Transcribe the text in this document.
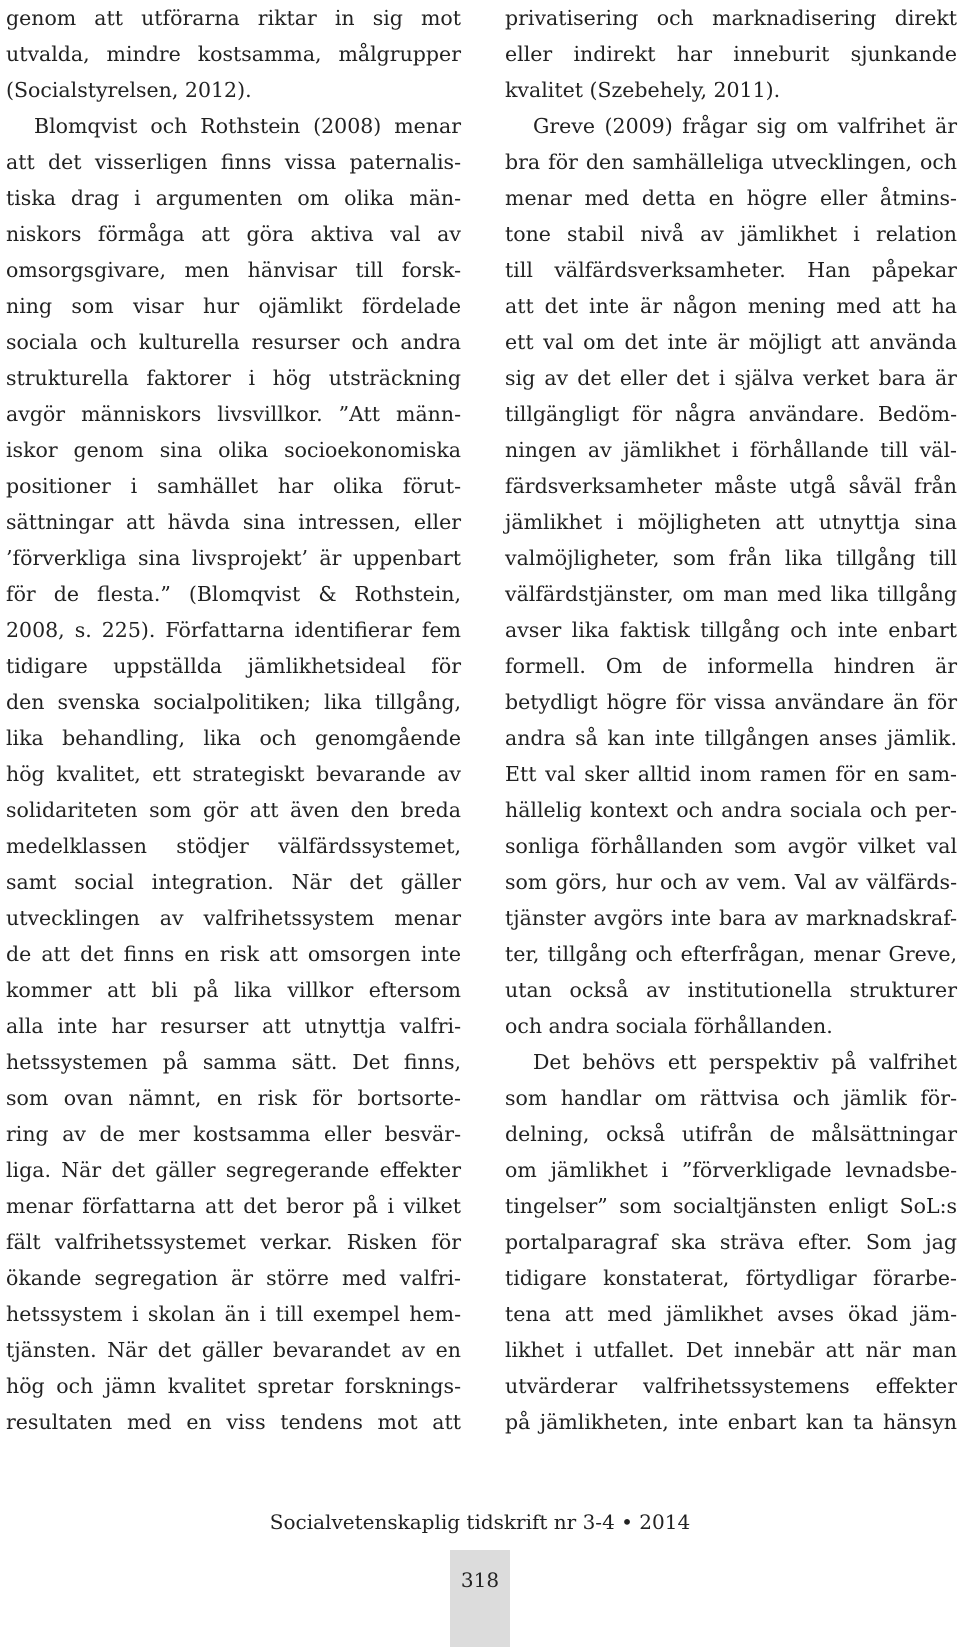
genom att utförarna riktar in sig mot
utvalda, mindre kostsamma, målgrupper
(Socialstyrelsen, 2012).
Blomqvist och Rothstein (2008) menar
att det visserligen finns vissa paternalis-
tiska drag i argumenten om olika män-
niskors förmåga att göra aktiva val av
omsorgsgivare, men hänvisar till forsk-
ning som visar hur ojämlikt fördelade
sociala och kulturella resurser och andra
strukturella faktorer i hög utsträckning
avgör människors livsvillkor. ”Att männ-
iskor genom sina olika socioekonomiska
positioner i samhället har olika förut-
sättningar att hävda sina intressen, eller
’förverkliga sina livsprojekt’ är uppenbart
för de flesta.” (Blomqvist & Rothstein,
2008, s. 225). Författarna identifierar fem
tidigare uppställda jämlikhetsideal för
den svenska socialpolitiken; lika tillgång,
lika behandling, lika och genomgående
hög kvalitet, ett strategiskt bevarande av
solidariteten som gör att även den breda
medelklassen stödjer välfärdssystemet,
samt social integration. När det gäller
utvecklingen av valfrihetssystem menar
de att det finns en risk att omsorgen inte
kommer att bli på lika villkor eftersom
alla inte har resurser att utnyttja valfri-
hetssystemen på samma sätt. Det finns,
som ovan nämnt, en risk för bortsorte-
ring av de mer kostsamma eller besvär-
liga. När det gäller segregerande effekter
menar författarna att det beror på i vilket
fält valfrihetssystemet verkar. Risken för
ökande segregation är större med valfri-
hetssystem i skolan än i till exempel hem-
tjänsten. När det gäller bevarandet av en
hög och jämn kvalitet spretar forsknings-
resultaten med en viss tendens mot att
privatisering och marknadisering direkt
eller indirekt har inneburit sjunkande
kvalitet (Szebehely, 2011).
Greve (2009) frågar sig om valfrihet är
bra för den samhälleliga utvecklingen, och
menar med detta en högre eller åtmins-
tone stabil nivå av jämlikhet i relation
till välfärdsverksamheter. Han påpekar
att det inte är någon mening med att ha
ett val om det inte är möjligt att använda
sig av det eller det i själva verket bara är
tillgängligt för några användare. Bedöm-
ningen av jämlikhet i förhållande till väl-
färdsverksamheter måste utgå såväl från
jämlikhet i möjligheten att utnyttja sina
valmöjligheter, som från lika tillgång till
välfärdstjänster, om man med lika tillgång
avser lika faktisk tillgång och inte enbart
formell. Om de informella hindren är
betydligt högre för vissa användare än för
andra så kan inte tillgången anses jämlik.
Ett val sker alltid inom ramen för en sam-
hällelig kontext och andra sociala och per-
sonliga förhållanden som avgör vilket val
som görs, hur och av vem. Val av välfärds-
tjänster avgörs inte bara av marknadskraf-
ter, tillgång och efterfrågan, menar Greve,
utan också av institutionella strukturer
och andra sociala förhållanden.
Det behövs ett perspektiv på valfrihet
som handlar om rättvisa och jämlik för-
delning, också utifrån de målsättningar
om jämlikhet i ”förverkligade levnadsbe-
tingelser” som socialtjänsten enligt SoL:s
portalparagraf ska sträva efter. Som jag
tidigare konstaterat, förtydligar förarbe-
tena att med jämlikhet avses ökad jäm-
likhet i utfallet. Det innebär att när man
utvärderar valfrihetssystemens effekter
på jämlikheten, inte enbart kan ta hänsyn
Socialvetenskaplig tidskrift nr 3-4 • 2014
318
